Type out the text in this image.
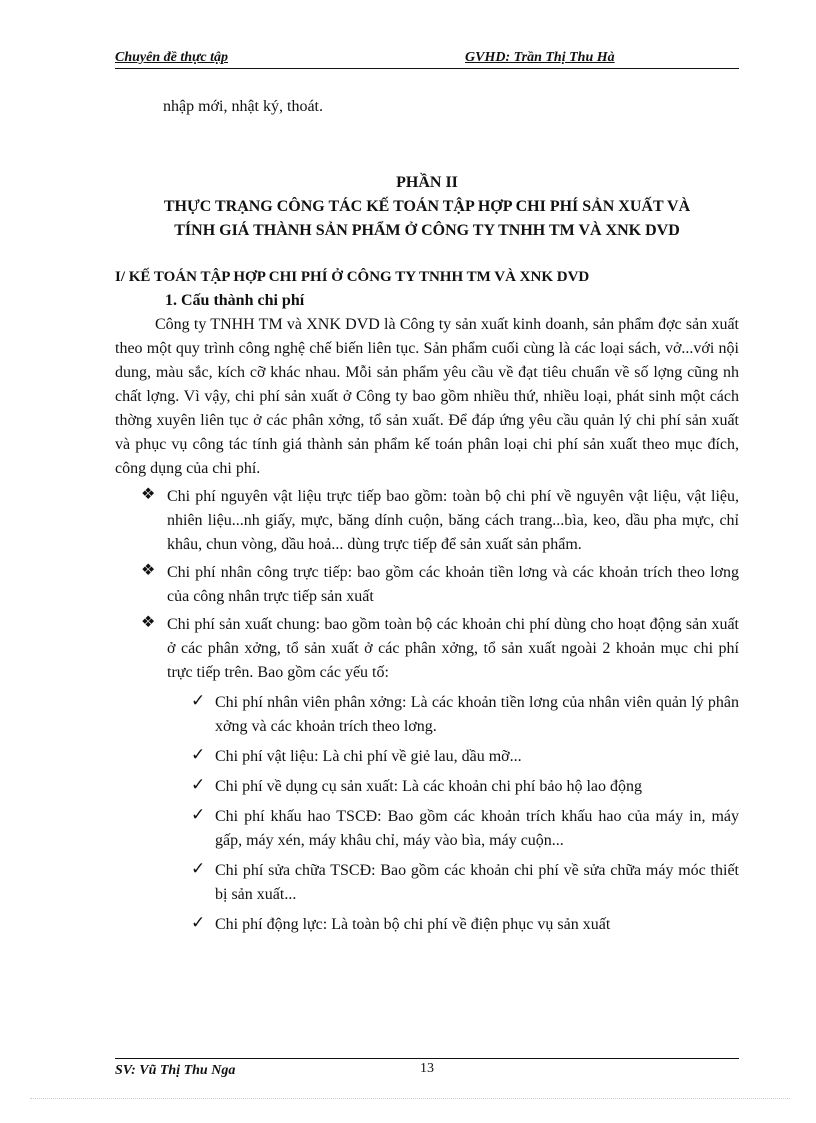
Chuyên đề thực tập	GVHD: Trần Thị Thu Hà

nhập mới, nhật ký, thoát.

PHẦN II
THỰC TRẠNG CÔNG TÁC KẾ TOÁN TẬP HỢP CHI PHÍ SẢN XUẤT VÀ
TÍNH GIÁ THÀNH SẢN PHẨM Ở CÔNG TY TNHH TM VÀ XNK DVD

I/ KẾ TOÁN TẬP HỢP CHI PHÍ Ở CÔNG TY TNHH TM VÀ XNK DVD

1. Cấu thành chi phí

Công ty TNHH TM và XNK DVD là Công ty sản xuất kinh doanh, sản phẩm đợc sản xuất theo một quy trình công nghệ chế biến liên tục. Sản phẩm cuối cùng là các loại sách, vở...với nội dung, màu sắc, kích cỡ khác nhau. Mỗi sản phẩm yêu cầu về đạt tiêu chuẩn về số lợng cũng nh chất lợng. Vì vậy, chi phí sản xuất ở Công ty bao gồm nhiều thứ, nhiều loại, phát sinh một cách thờng xuyên liên tục ở các phân xởng, tổ sản xuất. Để đáp ứng yêu cầu quản lý chi phí sản xuất và phục vụ công tác tính giá thành sản phẩm kế toán phân loại chi phí sản xuất theo mục đích, công dụng của chi phí.

❖ Chi phí nguyên vật liệu trực tiếp bao gồm: toàn bộ chi phí về nguyên vật liệu, vật liệu, nhiên liệu...nh giấy, mực, băng dính cuộn, băng cách trang...bìa, keo, dầu pha mực, chỉ khâu, chun vòng, dầu hoả... dùng trực tiếp để sản xuất sản phẩm.
❖ Chi phí nhân công trực tiếp: bao gồm các khoản tiền lơng và các khoản trích theo lơng của công nhân trực tiếp sản xuất
❖ Chi phí sản xuất chung: bao gồm toàn bộ các khoản chi phí dùng cho hoạt động sản xuất ở các phân xởng, tổ sản xuất ở các phân xởng, tổ sản xuất ngoài 2 khoản mục chi phí trực tiếp trên. Bao gồm các yếu tố:
✓ Chi phí nhân viên phân xởng: Là các khoản tiền lơng của nhân viên quản lý phân xởng và các khoản trích theo lơng.
✓ Chi phí vật liệu: Là chi phí về giẻ lau, dầu mỡ...
✓ Chi phí về dụng cụ sản xuất: Là các khoản chi phí bảo hộ lao động
✓ Chi phí khấu hao TSCĐ: Bao gồm các khoản trích khấu hao của máy in, máy gấp, máy xén, máy khâu chỉ, máy vào bìa, máy cuộn...
✓ Chi phí sửa chữa TSCĐ: Bao gồm các khoản chi phí về sửa chữa máy móc thiết bị sản xuất...
✓ Chi phí động lực: Là toàn bộ chi phí về điện phục vụ sản xuất
SV: Vũ Thị Thu Nga	13
